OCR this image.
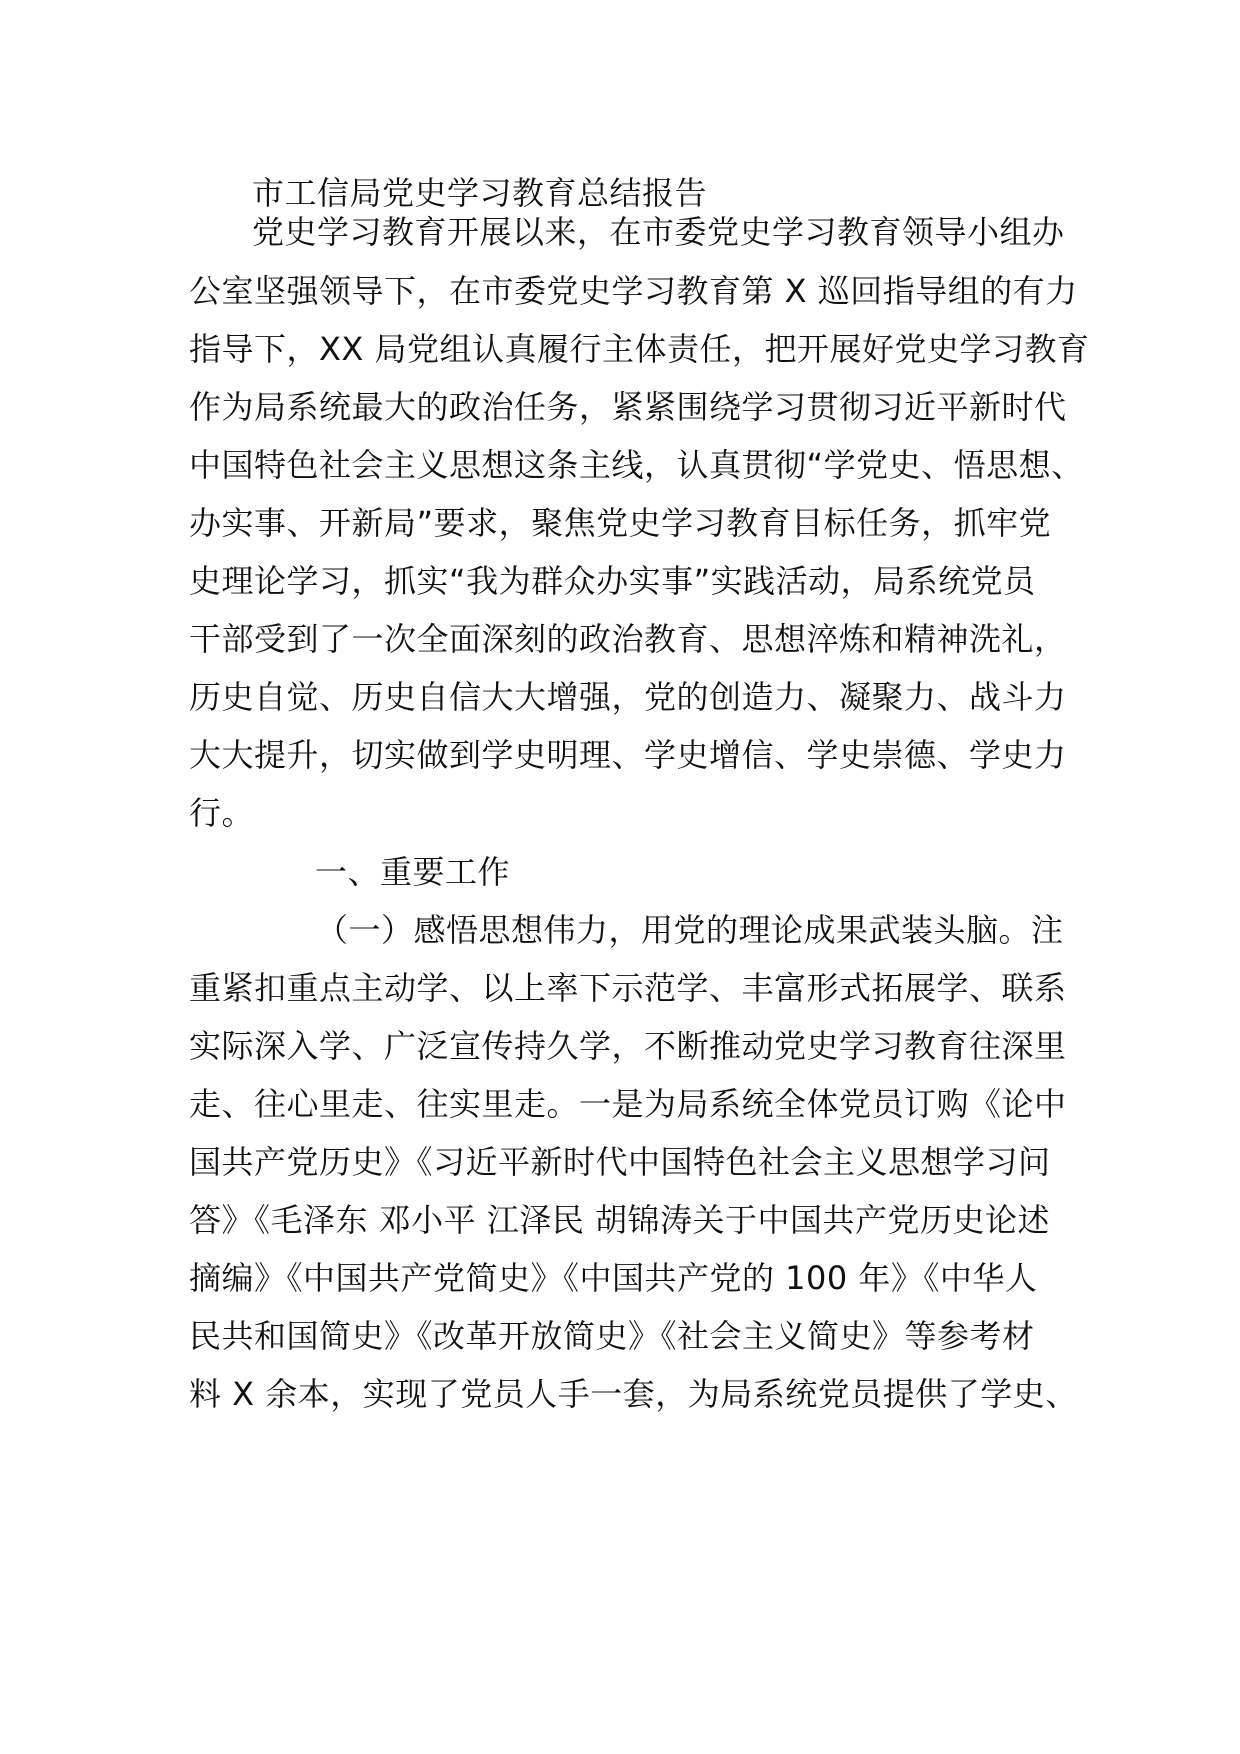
市工信局党史学习教育总结报告
党史学习教育开展以来，在市委党史学习教育领导小组办
公室坚强领导下，在市委党史学习教育第 X 巡回指导组的有力
指导下，XX 局党组认真履行主体责任，把开展好党史学习教育
作为局系统最大的政治任务，紧紧围绕学习贯彻习近平新时代
中国特色社会主义思想这条主线，认真贯彻“学党史、悟思想、
办实事、开新局”要求，聚焦党史学习教育目标任务，抓牢党
史理论学习，抓实“我为群众办实事”实践活动，局系统党员
干部受到了一次全面深刻的政治教育、思想淬炼和精神洗礼，
历史自觉、历史自信大大增强，党的创造力、凝聚力、战斗力
大大提升，切实做到学史明理、学史增信、学史崇德、学史力
行。
一、重要工作
（一）感悟思想伟力，用党的理论成果武装头脑。注
重紧扣重点主动学、以上率下示范学、丰富形式拓展学、联系
实际深入学、广泛宣传持久学，不断推动党史学习教育往深里
走、往心里走、往实里走。一是为局系统全体党员订购《论中
国共产党历史》《习近平新时代中国特色社会主义思想学习问
答》《毛泽东 邓小平 江泽民 胡锦涛关于中国共产党历史论述
摘编》《中国共产党简史》《中国共产党的 100 年》《中华人
民共和国简史》《改革开放简史》《社会主义简史》等参考材
料 X 余本，实现了党员人手一套，为局系统党员提供了学史、
